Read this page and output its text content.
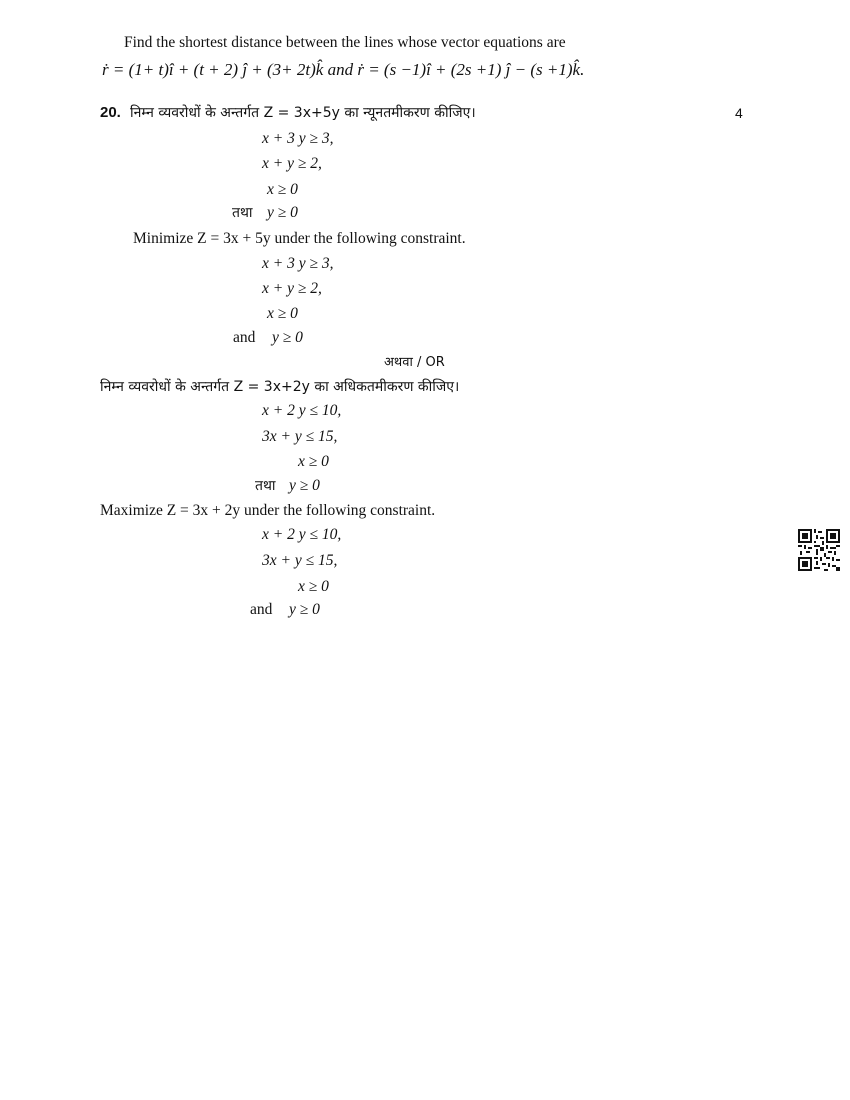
Find the shortest distance between the lines whose vector equations are
ṙ = (1+ t)î + (t + 2) ĵ + (3+ 2t)k̂ and ṙ = (s −1)î + (2s +1) ĵ − (s +1)k̂.
20. निम्न व्यवरोधों के अन्तर्गत Z = 3x+5y का न्यूनतमीकरण कीजिए।	4
x + 3 y ≥ 3,
x + y ≥ 2,
x ≥ 0
तथा y ≥ 0
Minimize Z = 3x + 5y under the following constraint.
x + 3 y ≥ 3,
x + y ≥ 2,
x ≥ 0
and y ≥ 0
अथवा / OR
निम्न व्यवरोधों के अन्तर्गत Z = 3x+2y का अधिकतमीकरण कीजिए।
x + 2 y ≤ 10,
3x + y ≤ 15,
x ≥ 0
तथा y ≥ 0
Maximize Z = 3x + 2y under the following constraint.
x + 2 y ≤ 10,
3x + y ≤ 15,
x ≥ 0
and y ≥ 0
